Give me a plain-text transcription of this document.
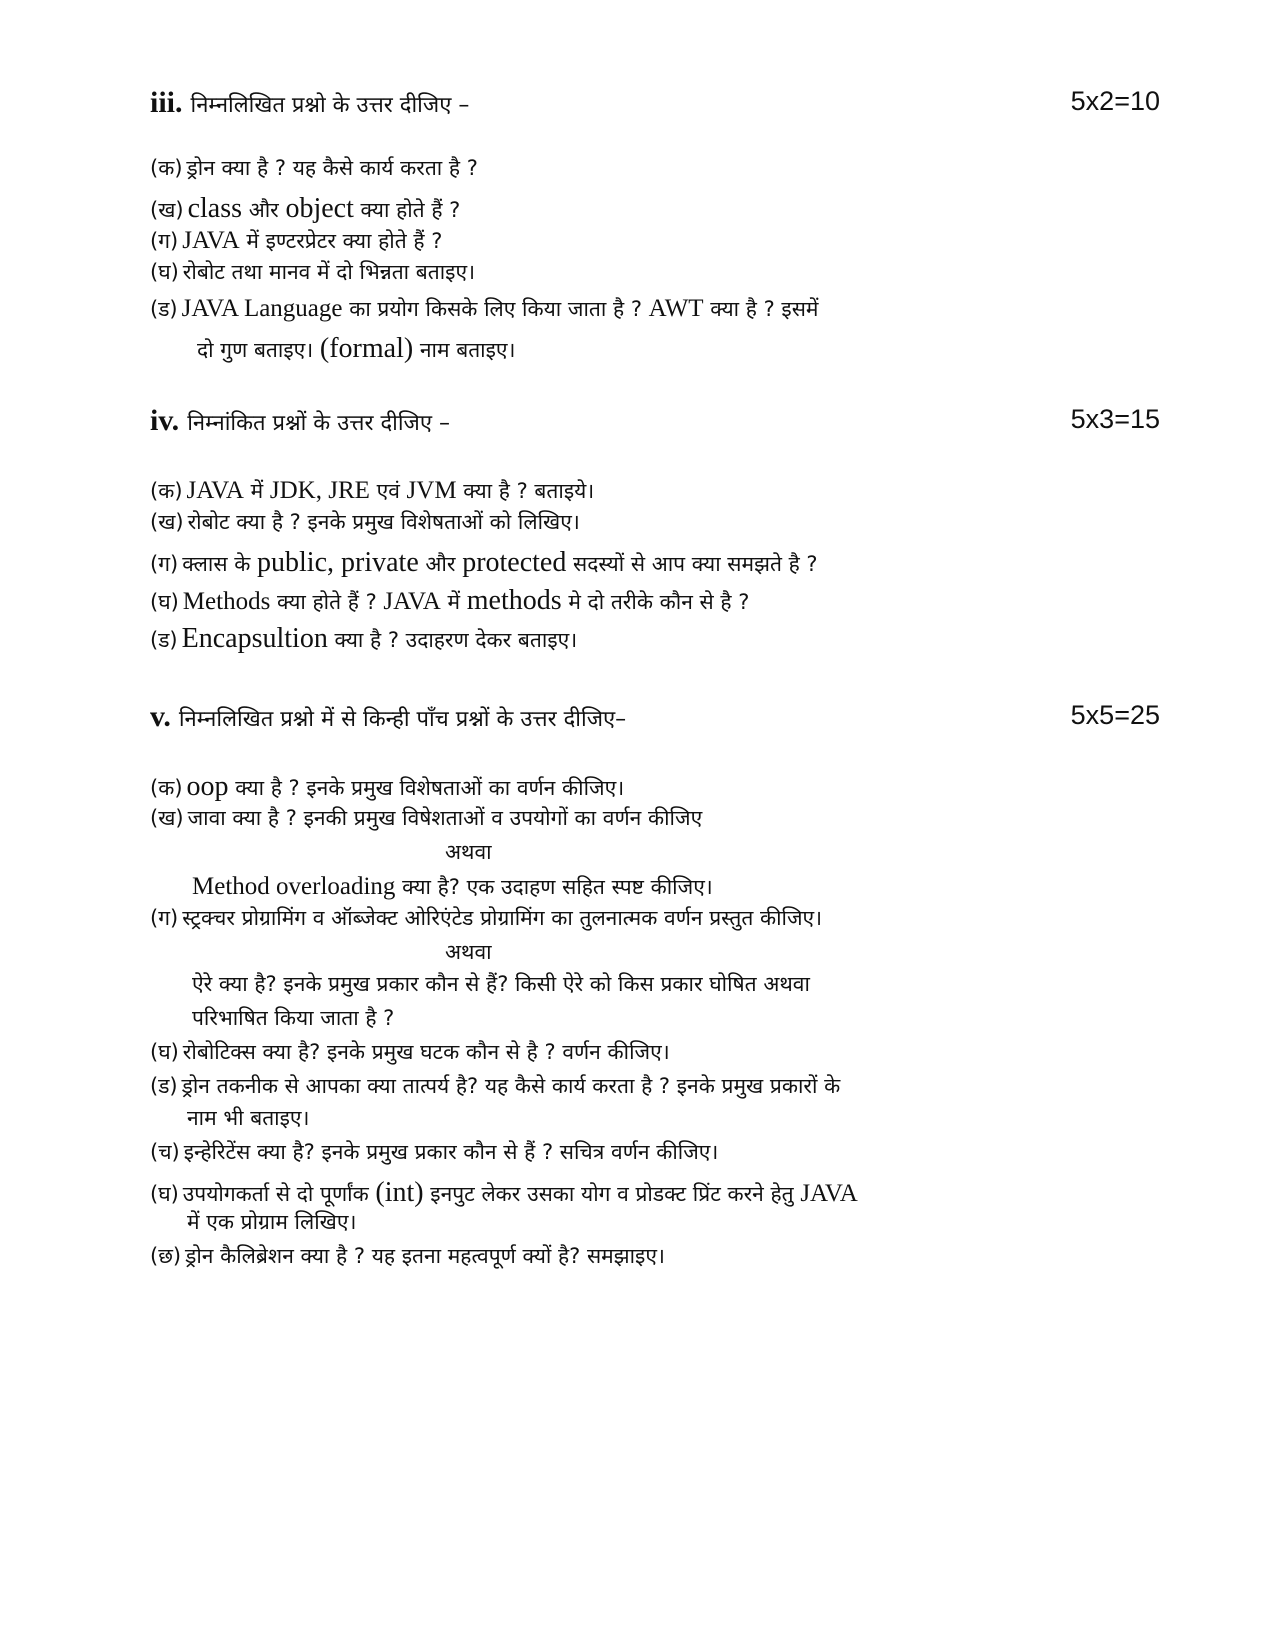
iii. निम्नलिखित प्रश्नो के उत्तर दीजिए –	5x2=10
(क) ड्रोन क्या है ? यह कैसे कार्य करता है ?
(ख) class और object क्या होते हैं ?
(ग) JAVA में इण्टरप्रेटर क्या होते हैं ?
(घ) रोबोट तथा मानव में दो भिन्नता बताइए।
(ड) JAVA Language का प्रयोग किसके लिए किया जाता है ? AWT क्या है ? इसमें
दो गुण बताइए। (formal) नाम बताइए।
iv. निम्नांकित प्रश्नों के उत्तर दीजिए –	5x3=15
(क) JAVA में JDK, JRE एवं JVM क्या है ? बताइये।
(ख) रोबोट क्या है ? इनके प्रमुख विशेषताओं को लिखिए।
(ग) क्लास के public, private और protected सदस्यों से आप क्या समझते है ?
(घ) Methods क्या होते हैं ? JAVA में methods मे दो तरीके कौन से है ?
(ड) Encapsultion क्या है ? उदाहरण देकर बताइए।
v. निम्नलिखित प्रश्नो में से किन्ही पाँच प्रश्नों के उत्तर दीजिए–	5x5=25
(क) oop क्या है ? इनके प्रमुख विशेषताओं का वर्णन कीजिए।
(ख) जावा क्या है ? इनकी प्रमुख विषेशताओं व उपयोगों का वर्णन कीजिए
अथवा
Method overloading क्या है? एक उदाहण सहित स्पष्ट कीजिए।
(ग) स्ट्रक्चर प्रोग्रामिंग व ऑब्जेक्ट ओरिएंटेड प्रोग्रामिंग का तुलनात्मक वर्णन प्रस्तुत कीजिए।
अथवा
ऐरे क्या है? इनके प्रमुख प्रकार कौन से हैं? किसी ऐरे को किस प्रकार घोषित अथवा
परिभाषित किया जाता है ?
(घ) रोबोटिक्स क्या है? इनके प्रमुख घटक कौन से है ? वर्णन कीजिए।
(ड) ड्रोन तकनीक से आपका क्या तात्पर्य है? यह कैसे कार्य करता है ? इनके प्रमुख प्रकारों के
नाम भी बताइए।
(च) इन्हेरिटेंस क्या है? इनके प्रमुख प्रकार कौन से हैं ? सचित्र वर्णन कीजिए।
(घ) उपयोगकर्ता से दो पूर्णांक (int) इनपुट लेकर उसका योग व प्रोडक्ट प्रिंट करने हेतु JAVA
में एक प्रोग्राम लिखिए।
(छ) ड्रोन कैलिब्रेशन क्या है ? यह इतना महत्वपूर्ण क्यों है? समझाइए।
